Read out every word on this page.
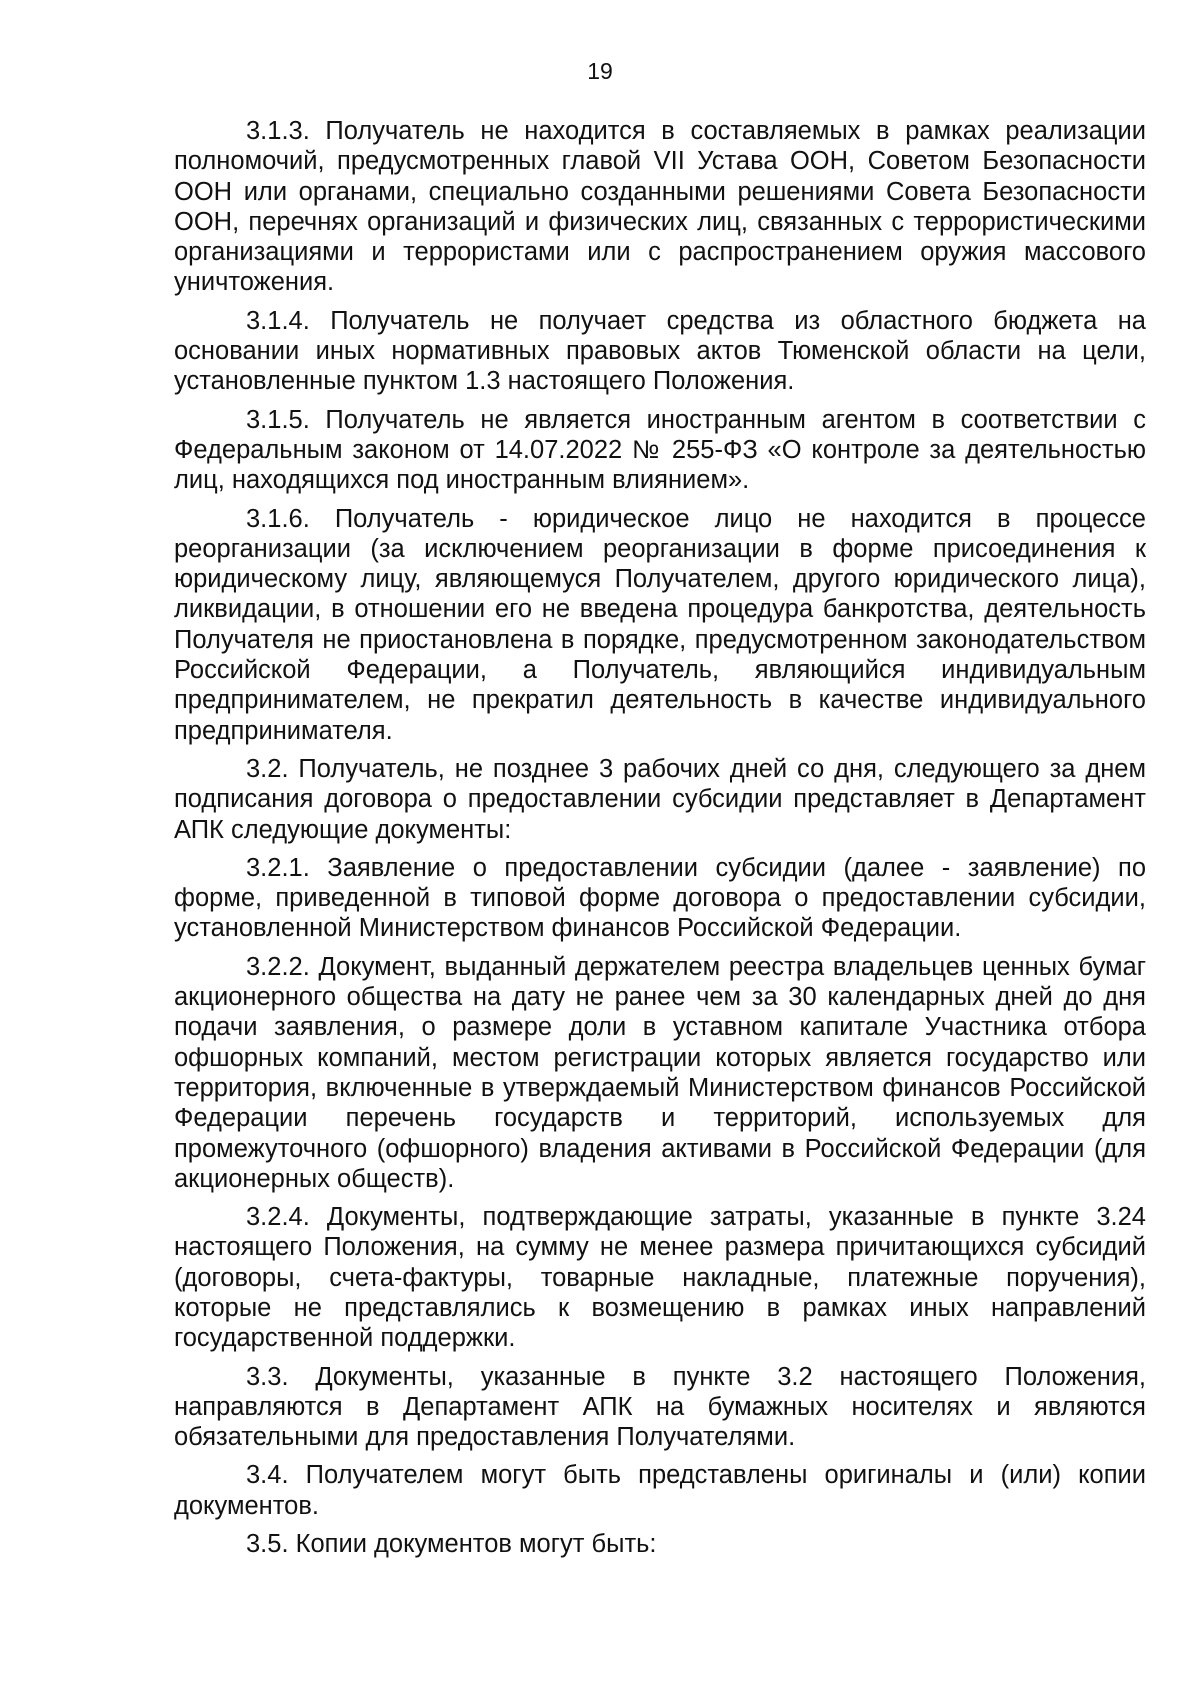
19

3.1.3. Получатель не находится в составляемых в рамках реализации полномочий, предусмотренных главой VII Устава ООН, Советом Безопасности ООН или органами, специально созданными решениями Совета Безопасности ООН, перечнях организаций и физических лиц, связанных с террористическими организациями и террористами или с распространением оружия массового уничтожения.

3.1.4. Получатель не получает средства из областного бюджета на основании иных нормативных правовых актов Тюменской области на цели, установленные пунктом 1.3 настоящего Положения.

3.1.5. Получатель не является иностранным агентом в соответствии с Федеральным законом от 14.07.2022 № 255-ФЗ «О контроле за деятельностью лиц, находящихся под иностранным влиянием».

3.1.6. Получатель - юридическое лицо не находится в процессе реорганизации (за исключением реорганизации в форме присоединения к юридическому лицу, являющемуся Получателем, другого юридического лица), ликвидации, в отношении его не введена процедура банкротства, деятельность Получателя не приостановлена в порядке, предусмотренном законодательством Российской Федерации, а Получатель, являющийся индивидуальным предпринимателем, не прекратил деятельность в качестве индивидуального предпринимателя.

3.2. Получатель, не позднее 3 рабочих дней со дня, следующего за днем подписания договора о предоставлении субсидии представляет в Департамент АПК следующие документы:

3.2.1. Заявление о предоставлении субсидии (далее - заявление) по форме, приведенной в типовой форме договора о предоставлении субсидии, установленной Министерством финансов Российской Федерации.

3.2.2. Документ, выданный держателем реестра владельцев ценных бумаг акционерного общества на дату не ранее чем за 30 календарных дней до дня подачи заявления, о размере доли в уставном капитале Участника отбора офшорных компаний, местом регистрации которых является государство или территория, включенные в утверждаемый Министерством финансов Российской Федерации перечень государств и территорий, используемых для промежуточного (офшорного) владения активами в Российской Федерации (для акционерных обществ).

3.2.4. Документы, подтверждающие затраты, указанные в пункте 3.24 настоящего Положения, на сумму не менее размера причитающихся субсидий (договоры, счета-фактуры, товарные накладные, платежные поручения), которые не представлялись к возмещению в рамках иных направлений государственной поддержки.

3.3. Документы, указанные в пункте 3.2 настоящего Положения, направляются в Департамент АПК на бумажных носителях и являются обязательными для предоставления Получателями.

3.4. Получателем могут быть представлены оригиналы и (или) копии документов.

3.5. Копии документов могут быть:
